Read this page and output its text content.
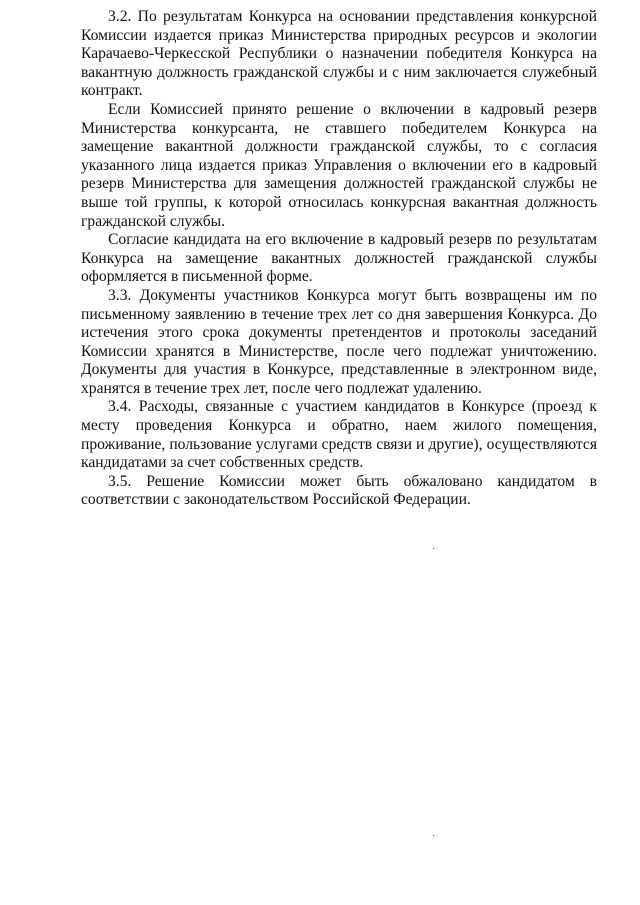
3.2. По результатам Конкурса на основании представления конкурсной Комиссии издается приказ Министерства природных ресурсов и экологии Карачаево-Черкесской Республики о назначении победителя Конкурса на вакантную должность гражданской службы и с ним заключается служебный контракт.

Если Комиссией принято решение о включении в кадровый резерв Министерства конкурсанта, не ставшего победителем Конкурса на замещение вакантной должности гражданской службы, то с согласия указанного лица издается приказ Управления о включении его в кадровый резерв Министерства для замещения должностей гражданской службы не выше той группы, к которой относилась конкурсная вакантная должность гражданской службы.

Согласие кандидата на его включение в кадровый резерв по результатам Конкурса на замещение вакантных должностей гражданской службы оформляется в письменной форме.

3.3. Документы участников Конкурса могут быть возвращены им по письменному заявлению в течение трех лет со дня завершения Конкурса. До истечения этого срока документы претендентов и протоколы заседаний Комиссии хранятся в Министерстве, после чего подлежат уничтожению. Документы для участия в Конкурсе, представленные в электронном виде, хранятся в течение трех лет, после чего подлежат удалению.

3.4. Расходы, связанные с участием кандидатов в Конкурсе (проезд к месту проведения Конкурса и обратно, наем жилого помещения, проживание, пользование услугами средств связи и другие), осуществляются кандидатами за счет собственных средств.

3.5. Решение Комиссии может быть обжаловано кандидатом в соответствии с законодательством Российской Федерации.
